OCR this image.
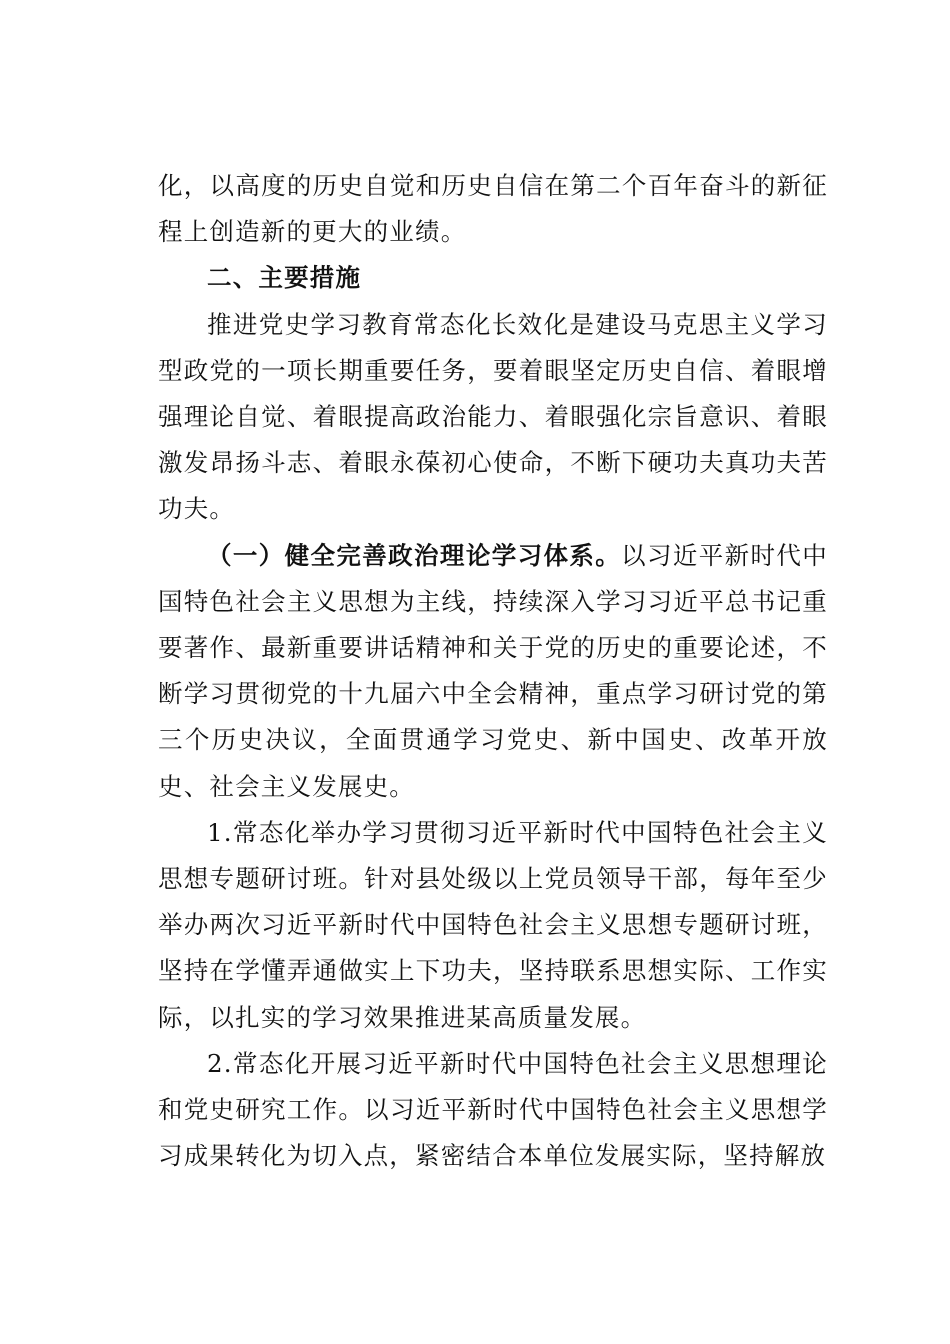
化，以高度的历史自觉和历史自信在第二个百年奋斗的新征程上创造新的更大的业绩。

二、主要措施

推进党史学习教育常态化长效化是建设马克思主义学习型政党的一项长期重要任务，要着眼坚定历史自信、着眼增强理论自觉、着眼提高政治能力、着眼强化宗旨意识、着眼激发昂扬斗志、着眼永葆初心使命，不断下硬功夫真功夫苦功夫。

（一）健全完善政治理论学习体系。以习近平新时代中国特色社会主义思想为主线，持续深入学习习近平总书记重要著作、最新重要讲话精神和关于党的历史的重要论述，不断学习贯彻党的十九届六中全会精神，重点学习研讨党的第三个历史决议，全面贯通学习党史、新中国史、改革开放史、社会主义发展史。

1.常态化举办学习贯彻习近平新时代中国特色社会主义思想专题研讨班。针对县处级以上党员领导干部，每年至少举办两次习近平新时代中国特色社会主义思想专题研讨班，坚持在学懂弄通做实上下功夫，坚持联系思想实际、工作实际，以扎实的学习效果推进某高质量发展。

2.常态化开展习近平新时代中国特色社会主义思想理论和党史研究工作。以习近平新时代中国特色社会主义思想学习成果转化为切入点，紧密结合本单位发展实际，坚持解放
